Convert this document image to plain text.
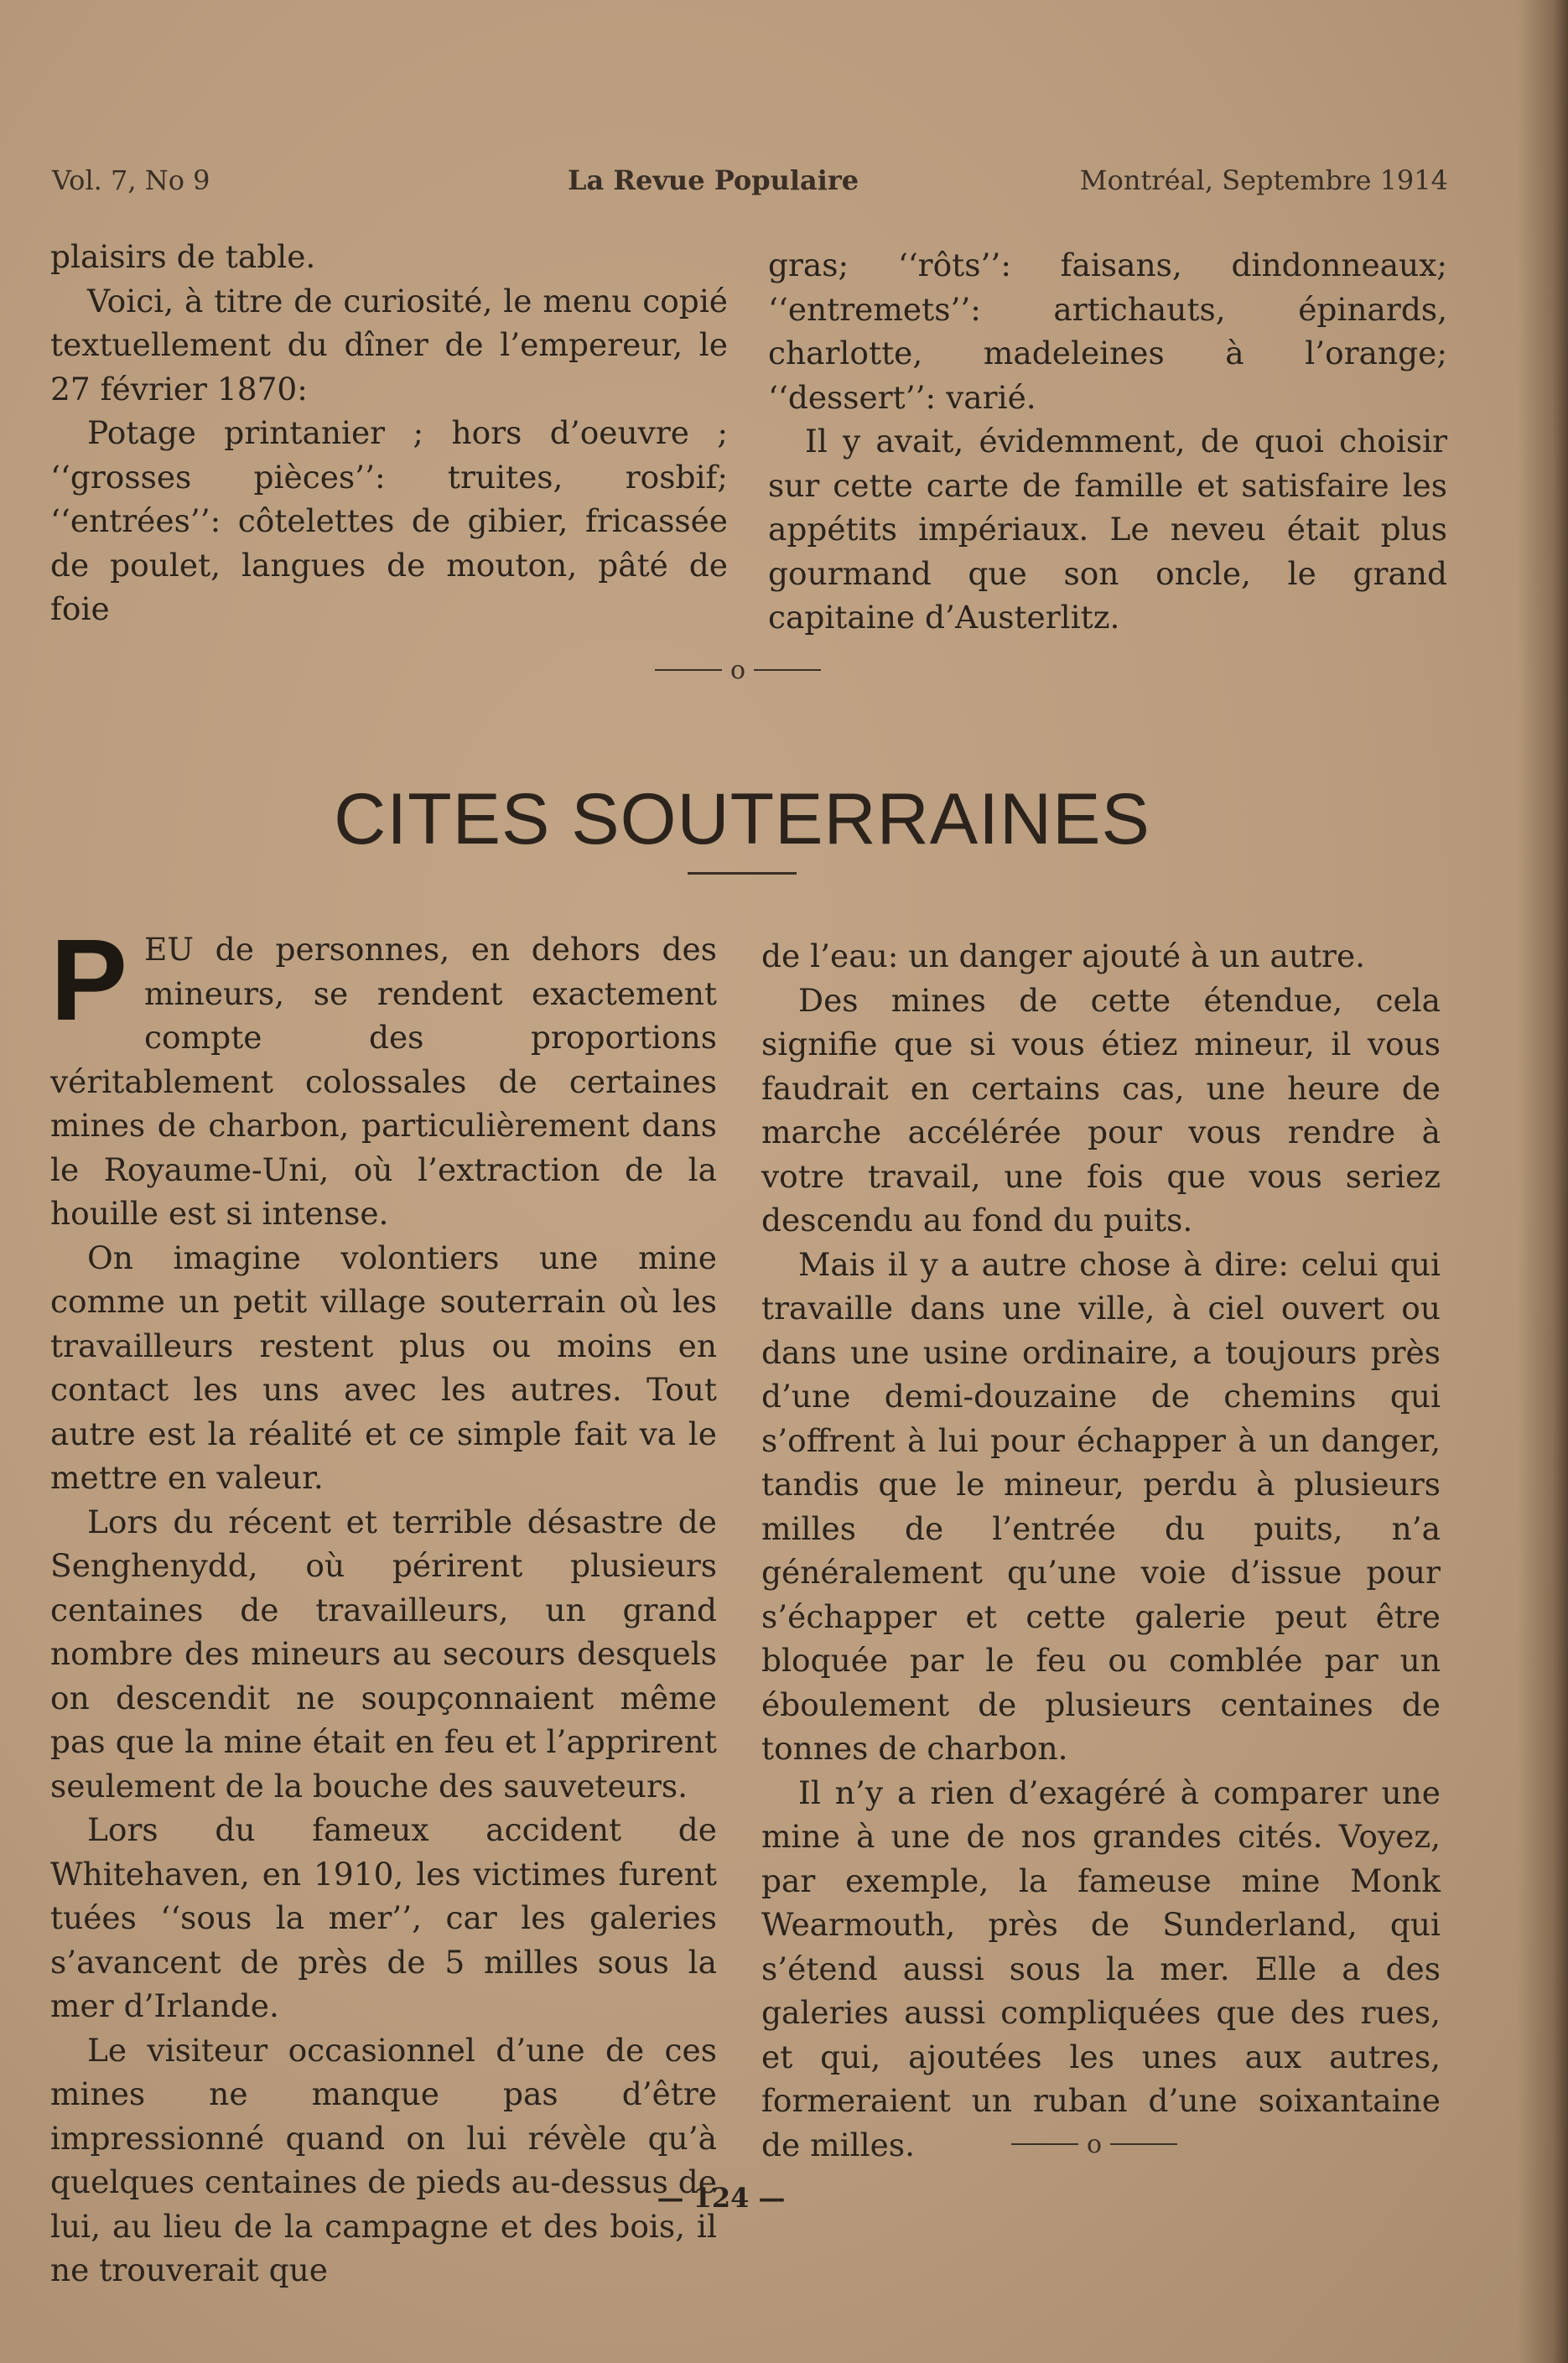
Vol. 7, No 9	La Revue Populaire	Montréal, Septembre 1914

plaisirs de table.

Voici, à titre de curiosité, le menu copié textuellement du dîner de l’empereur, le 27 février 1870:

Potage printanier ; hors d’oeuvre ; ‘‘grosses pièces’’: truites, rosbif; ‘‘entrées’’: côtelettes de gibier, fricassée de poulet, langues de mouton, pâté de foie

gras; ‘‘rôts’’: faisans, dindonneaux; ‘‘entremets’’: artichauts, épinards, charlotte, madeleines à l’orange; ‘‘dessert’’: varié.

Il y avait, évidemment, de quoi choisir sur cette carte de famille et satisfaire les appétits impériaux. Le neveu était plus gourmand que son oncle, le grand capitaine d’Austerlitz.

o
CITES SOUTERRAINES

PEU de personnes, en dehors des mineurs, se rendent exactement compte des proportions véritablement colossales de certaines mines de charbon, particulièrement dans le Royaume-Uni, où l’extraction de la houille est si intense.

On imagine volontiers une mine comme un petit village souterrain où les travailleurs restent plus ou moins en contact les uns avec les autres. Tout autre est la réalité et ce simple fait va le mettre en valeur.

Lors du récent et terrible désastre de Senghenydd, où périrent plusieurs centaines de travailleurs, un grand nombre des mineurs au secours desquels on descendit ne soupçonnaient même pas que la mine était en feu et l’apprirent seulement de la bouche des sauveteurs.

Lors du fameux accident de Whitehaven, en 1910, les victimes furent tuées ‘‘sous la mer’’, car les galeries s’avancent de près de 5 milles sous la mer d’Irlande.

Le visiteur occasionnel d’une de ces mines ne manque pas d’être impressionné quand on lui révèle qu’à quelques centaines de pieds au-dessus de lui, au lieu de la campagne et des bois, il ne trouverait que

de l’eau: un danger ajouté à un autre.

Des mines de cette étendue, cela signifie que si vous étiez mineur, il vous faudrait en certains cas, une heure de marche accélérée pour vous rendre à votre travail, une fois que vous seriez descendu au fond du puits.

Mais il y a autre chose à dire: celui qui travaille dans une ville, à ciel ouvert ou dans une usine ordinaire, a toujours près d’une demi-douzaine de chemins qui s’offrent à lui pour échapper à un danger, tandis que le mineur, perdu à plusieurs milles de l’entrée du puits, n’a généralement qu’une voie d’issue pour s’échapper et cette galerie peut être bloquée par le feu ou comblée par un éboulement de plusieurs centaines de tonnes de charbon.

Il n’y a rien d’exagéré à comparer une mine à une de nos grandes cités. Voyez, par exemple, la fameuse mine Monk Wearmouth, près de Sunderland, qui s’étend aussi sous la mer. Elle a des galeries aussi compliquées que des rues, et qui, ajoutées les unes aux autres, formeraient un ruban d’une soixantaine de milles.	o
— 124 —
